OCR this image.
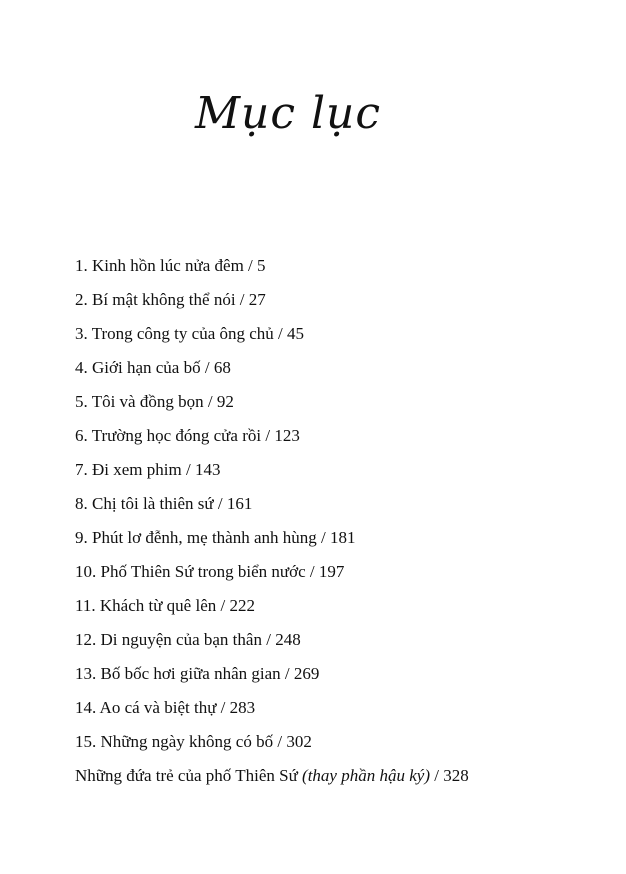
Mục lục
1. Kinh hồn lúc nửa đêm / 5
2. Bí mật không thể nói / 27
3. Trong công ty của ông chủ / 45
4. Giới hạn của bố / 68
5. Tôi và đồng bọn / 92
6. Trường học đóng cửa rồi / 123
7. Đi xem phim / 143
8. Chị tôi là thiên sứ / 161
9. Phút lơ đễnh, mẹ thành anh hùng / 181
10. Phố Thiên Sứ trong biển nước / 197
11. Khách từ quê lên / 222
12. Di nguyện của bạn thân / 248
13. Bố bốc hơi giữa nhân gian / 269
14. Ao cá và biệt thự / 283
15. Những ngày không có bố / 302
Những đứa trẻ của phố Thiên Sứ (thay phần hậu ký) / 328
